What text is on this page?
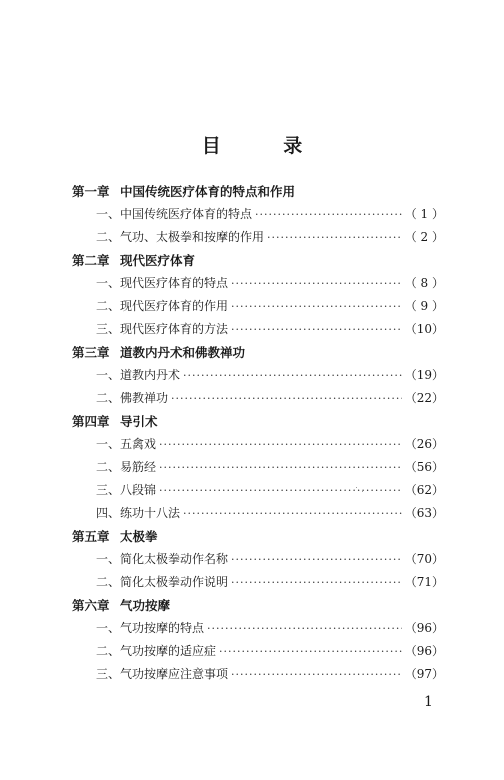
目 录
第一章 中国传统医疗体育的特点和作用
一、中国传统医疗体育的特点 ·····	（ 1 ）
二、气功、太极拳和按摩的作用 ·····	（ 2 ）
第二章 现代医疗体育
一、现代医疗体育的特点 ·····	（ 8 ）
二、现代医疗体育的作用 ·····	（ 9 ）
三、现代医疗体育的方法 ·····	（10）
第三章 道教内丹术和佛教禅功
一、道教内丹术 ·····	（19）
二、佛教禅功 ·····	（22）
第四章 导引术
一、五禽戏 ·····	（26）
二、易筋经 ·····	（56）
三、八段锦 ·····	（62）
四、练功十八法 ·····	（63）
第五章 太极拳
一、简化太极拳动作名称 ·····	（70）
二、简化太极拳动作说明 ·····	（71）
第六章 气功按摩
一、气功按摩的特点 ·····	（96）
二、气功按摩的适应症 ·····	（96）
三、气功按摩应注意事项 ·····	（97）
1
